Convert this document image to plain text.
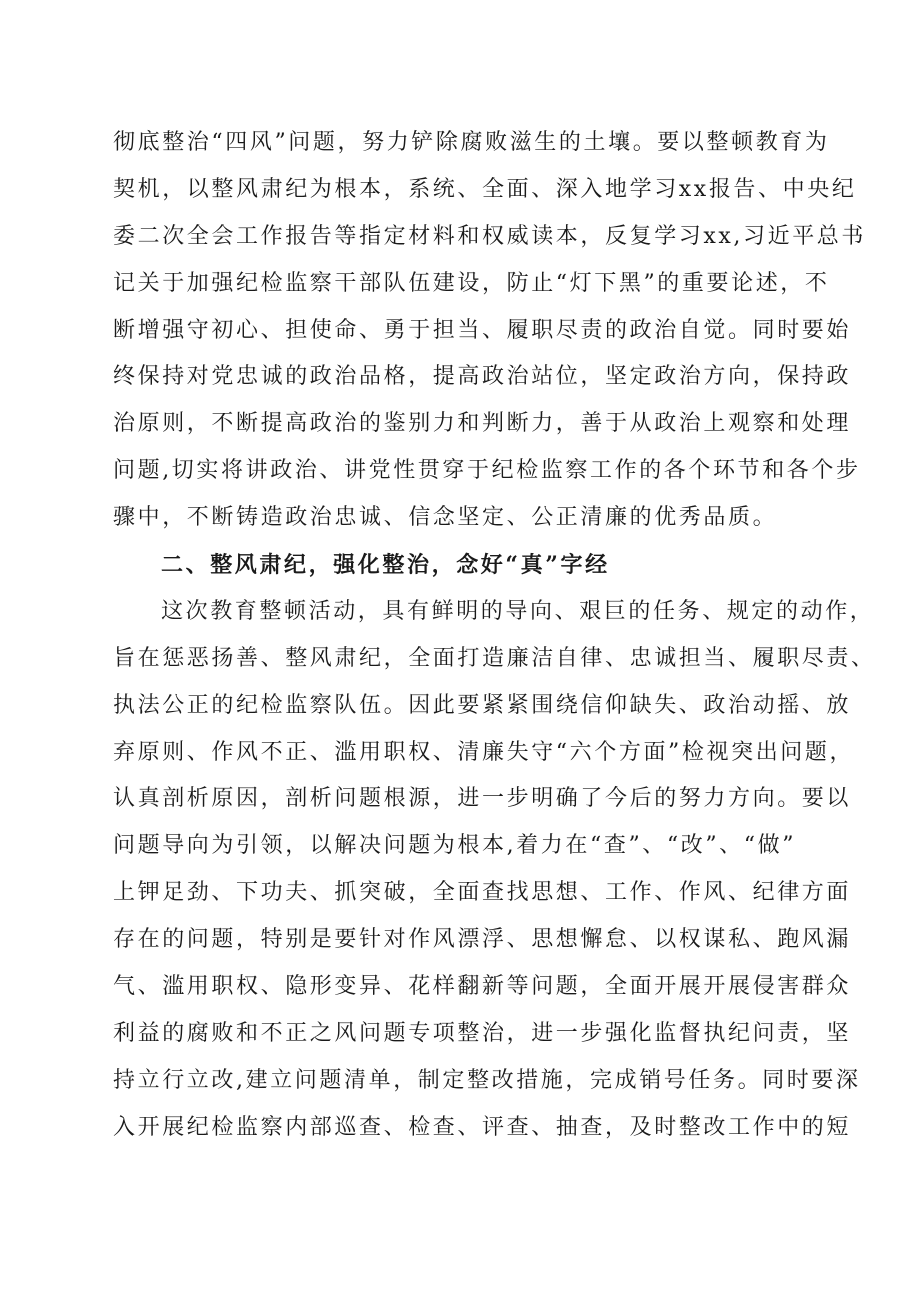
彻底整治“四风”问题，努力铲除腐败滋生的土壤。要以整顿教育为
契机，以整风肃纪为根本，系统、全面、深入地学习xx报告、中央纪
委二次全会工作报告等指定材料和权威读本，反复学习xx,习近平总书
记关于加强纪检监察干部队伍建设，防止“灯下黑”的重要论述，不
断增强守初心、担使命、勇于担当、履职尽责的政治自觉。同时要始
终保持对党忠诚的政治品格，提高政治站位，坚定政治方向，保持政
治原则，不断提高政治的鉴别力和判断力，善于从政治上观察和处理
问题,切实将讲政治、讲党性贯穿于纪检监察工作的各个环节和各个步
骤中，不断铸造政治忠诚、信念坚定、公正清廉的优秀品质。
二、整风肃纪，强化整治，念好“真”字经
这次教育整顿活动，具有鲜明的导向、艰巨的任务、规定的动作，
旨在惩恶扬善、整风肃纪，全面打造廉洁自律、忠诚担当、履职尽责、
执法公正的纪检监察队伍。因此要紧紧围绕信仰缺失、政治动摇、放
弃原则、作风不正、滥用职权、清廉失守“六个方面”检视突出问题，
认真剖析原因，剖析问题根源，进一步明确了今后的努力方向。要以
问题导向为引领，以解决问题为根本,着力在“查”、“改”、“做”
上钾足劲、下功夫、抓突破，全面查找思想、工作、作风、纪律方面
存在的问题，特别是要针对作风漂浮、思想懈怠、以权谋私、跑风漏
气、滥用职权、隐形变异、花样翻新等问题，全面开展开展侵害群众
利益的腐败和不正之风问题专项整治，进一步强化监督执纪问责，坚
持立行立改,建立问题清单，制定整改措施，完成销号任务。同时要深
入开展纪检监察内部巡查、检查、评查、抽查，及时整改工作中的短
